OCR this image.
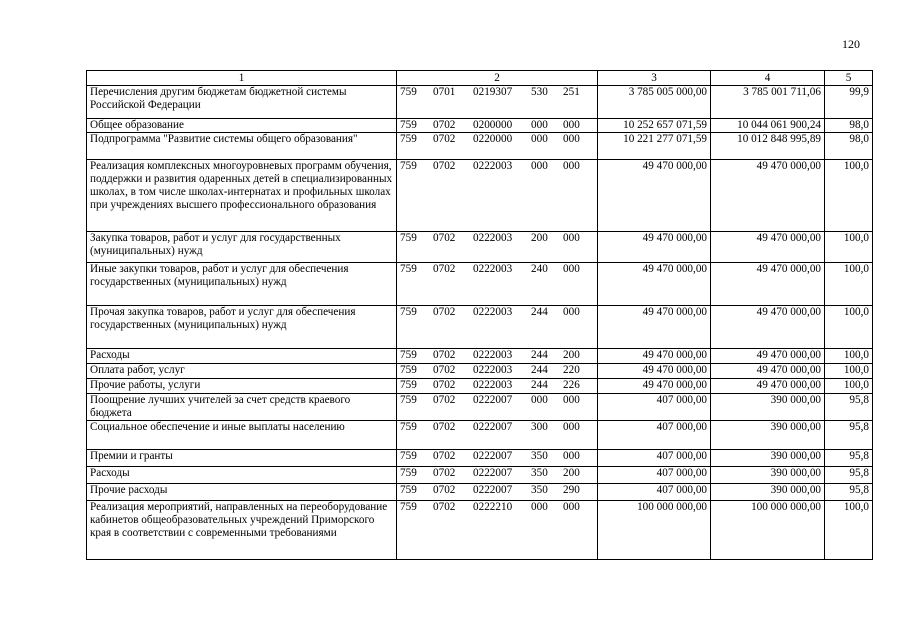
120
1	2	3	4	5
Перечисления другим бюджетам бюджетной системы Российской Федерации	759 0701 0219307 530 251	3 785 005 000,00	3 785 001 711,06	99,9
Общее образование	759 0702 0200000 000 000	10 252 657 071,59	10 044 061 900,24	98,0
Подпрограмма "Развитие системы общего образования"	759 0702 0220000 000 000	10 221 277 071,59	10 012 848 995,89	98,0
Реализация комплексных многоуровневых программ обучения, поддержки и развития одаренных детей в специализированных школах, в том числе школах-интернатах и профильных школах при учреждениях высшего профессионального образования	759 0702 0222003 000 000	49 470 000,00	49 470 000,00	100,0
Закупка товаров, работ и услуг для государственных (муниципальных) нужд	759 0702 0222003 200 000	49 470 000,00	49 470 000,00	100,0
Иные закупки товаров, работ и услуг для обеспечения государственных (муниципальных) нужд	759 0702 0222003 240 000	49 470 000,00	49 470 000,00	100,0
Прочая закупка товаров, работ и услуг для обеспечения государственных (муниципальных) нужд	759 0702 0222003 244 000	49 470 000,00	49 470 000,00	100,0
Расходы	759 0702 0222003 244 200	49 470 000,00	49 470 000,00	100,0
Оплата работ, услуг	759 0702 0222003 244 220	49 470 000,00	49 470 000,00	100,0
Прочие работы, услуги	759 0702 0222003 244 226	49 470 000,00	49 470 000,00	100,0
Поощрение лучших учителей за счет средств краевого бюджета	759 0702 0222007 000 000	407 000,00	390 000,00	95,8
Социальное обеспечение и иные выплаты населению	759 0702 0222007 300 000	407 000,00	390 000,00	95,8
Премии и гранты	759 0702 0222007 350 000	407 000,00	390 000,00	95,8
Расходы	759 0702 0222007 350 200	407 000,00	390 000,00	95,8
Прочие расходы	759 0702 0222007 350 290	407 000,00	390 000,00	95,8
Реализация мероприятий, направленных на переоборудование кабинетов общеобразовательных учреждений Приморского края в соответствии с современными требованиями	759 0702 0222210 000 000	100 000 000,00	100 000 000,00	100,0
